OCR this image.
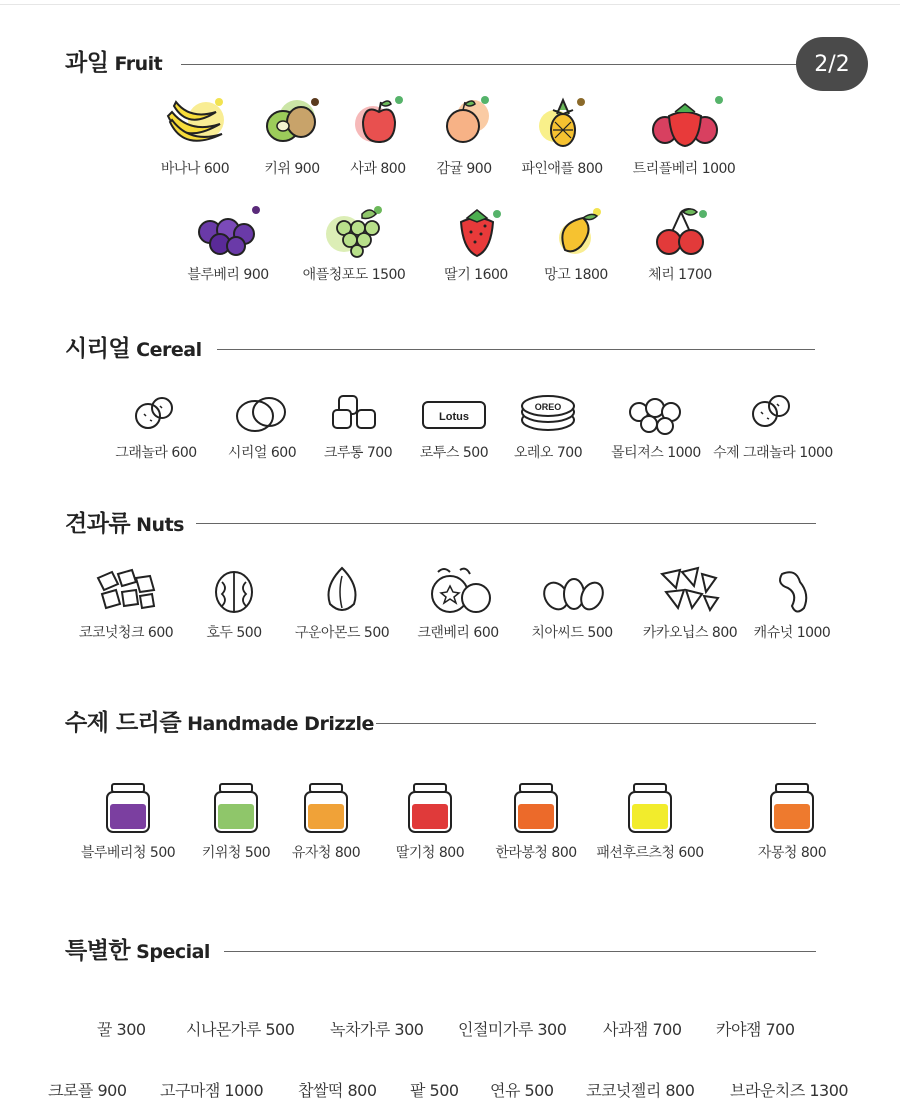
과일 Fruit	2/2
바나나 600	키위 900	사과 800	감귤 900	파인애플 800	트리플베리 1000
블루베리 900	애플청포도 1500	딸기 1600	망고 1800	체리 1700
시리얼 Cereal
그래놀라 600	시리얼 600	크루통 700
Lotus
로투스 500
OREO
오레오 700	몰티져스 1000 수제 그래놀라 1000
견과류 Nuts
코코넛청크 600	호두 500	구운아몬드 500	크랜베리 600	치아씨드 500	카카오닙스 800	캐슈넛 1000
수제 드리즐 Handmade Drizzle
블루베리청 500	키위청 500	유자청 800	딸기청 800	한라봉청 800	패션후르츠청 600	자몽청 800
특별한 Special
꿀 300	시나몬가루 500 녹차가루 300 인절미가루 300 사과잼 700 카야잼 700
크로플 900 고구마잼 1000 찹쌀떡 800 팥 500 연유 500 코코넛젤리 800 브라운치즈 1300
